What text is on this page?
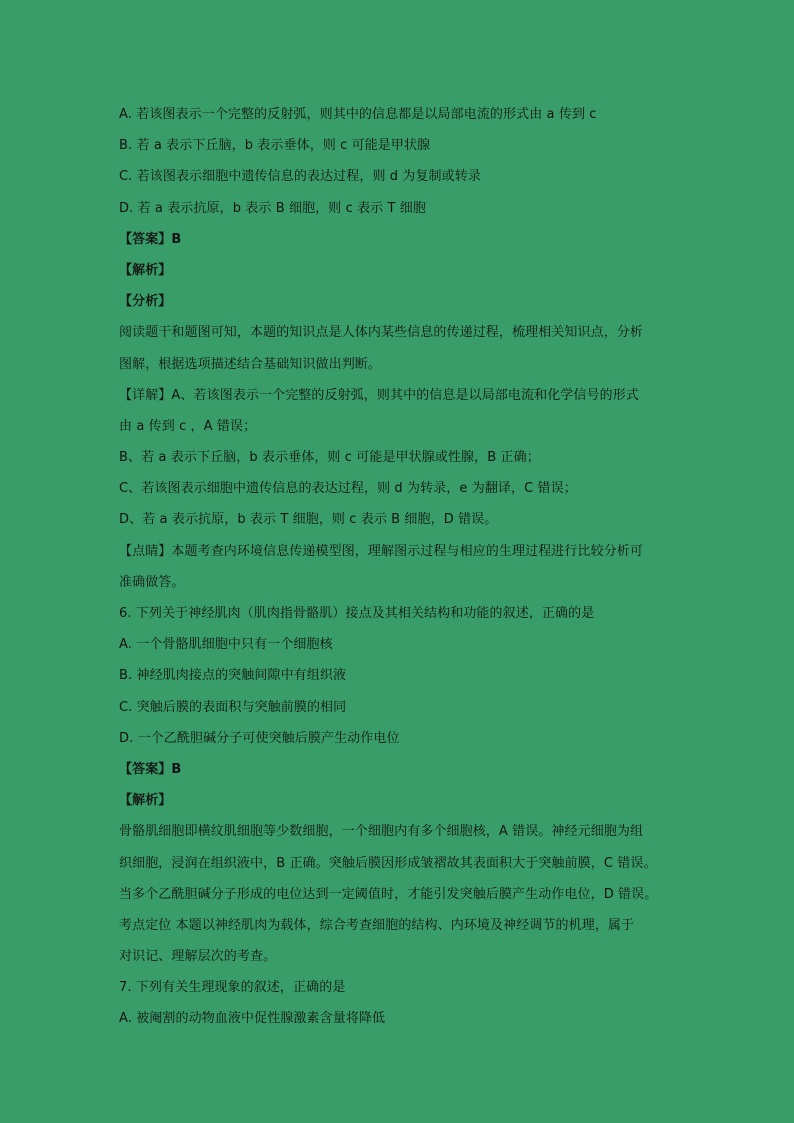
A. 若该图表示一个完整的反射弧，则其中的信息都是以局部电流的形式由 a 传到 c
B. 若 a 表示下丘脑，b 表示垂体，则 c 可能是甲状腺
C. 若该图表示细胞中遗传信息的表达过程，则 d 为复制或转录
D. 若 a 表示抗原，b 表示 B 细胞，则 c 表示 T 细胞
【答案】B
【解析】
【分析】
阅读题干和题图可知，本题的知识点是人体内某些信息的传递过程，梳理相关知识点，分析
图解，根据选项描述结合基础知识做出判断。
【详解】A、若该图表示一个完整的反射弧，则其中的信息是以局部电流和化学信号的形式
由 a 传到 c ，A 错误；
B、若 a 表示下丘脑，b 表示垂体，则 c 可能是甲状腺或性腺，B 正确；
C、若该图表示细胞中遗传信息的表达过程，则 d 为转录，e 为翻译，C 错误；
D、若 a 表示抗原，b 表示 T 细胞，则 c 表示 B 细胞，D 错误。
【点睛】本题考查内环境信息传递模型图，理解图示过程与相应的生理过程进行比较分析可
准确做答。
6. 下列关于神经肌肉（肌肉指骨骼肌）接点及其相关结构和功能的叙述，正确的是
A. 一个骨骼肌细胞中只有一个细胞核
B. 神经肌肉接点的突触间隙中有组织液
C. 突触后膜的表面积与突触前膜的相同
D. 一个乙酰胆碱分子可使突触后膜产生动作电位
【答案】B
【解析】
骨骼肌细胞即横纹肌细胞等少数细胞，一个细胞内有多个细胞核，A 错误。神经元细胞为组
织细胞，浸润在组织液中，B 正确。突触后膜因形成皱褶故其表面积大于突触前膜，C 错误。
当多个乙酰胆碱分子形成的电位达到一定阈值时，才能引发突触后膜产生动作电位，D 错误。
考点定位 本题以神经肌肉为载体，综合考查细胞的结构、内环境及神经调节的机理，属于
对识记、理解层次的考查。
7. 下列有关生理现象的叙述，正确的是
A. 被阉割的动物血液中促性腺激素含量将降低
